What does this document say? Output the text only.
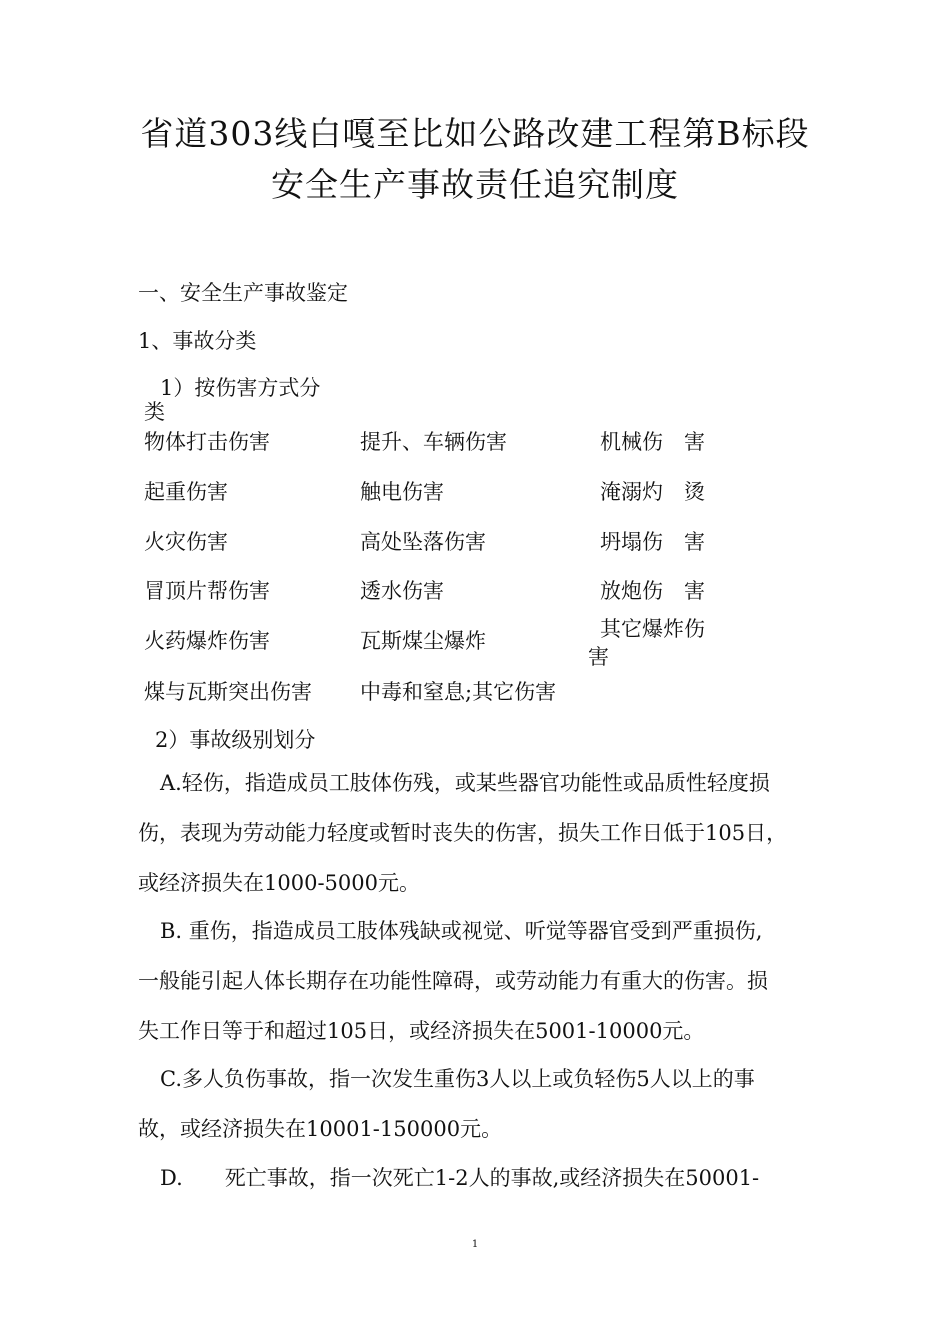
省道303线白嘎至比如公路改建工程第B标段
安全生产事故责任追究制度
一、安全生产事故鉴定
1、事故分类
1）按伤害方式分
类
物体打击伤害	提升、车辆伤害	机械伤　害
起重伤害	触电伤害	淹溺灼　烫
火灾伤害	高处坠落伤害	坍塌伤　害
冒顶片帮伤害	透水伤害	放炮伤　害
火药爆炸伤害	瓦斯煤尘爆炸	其它爆炸伤
害
煤与瓦斯突出伤害 中毒和窒息;其它伤害
2）事故级别划分
A.轻伤，指造成员工肢体伤残，或某些器官功能性或品质性轻度损
伤，表现为劳动能力轻度或暂时丧失的伤害，损失工作日低于105日，
或经济损失在1000-5000元。
B. 重伤，指造成员工肢体残缺或视觉、听觉等器官受到严重损伤,
一般能引起人体长期存在功能性障碍，或劳动能力有重大的伤害。损
失工作日等于和超过105日，或经济损失在5001-10000元。
C.多人负伤事故，指一次发生重伤3人以上或负轻伤5人以上的事
故，或经济损失在10001-150000元。
D.　　死亡事故，指一次死亡1-2人的事故,或经济损失在50001-
1
